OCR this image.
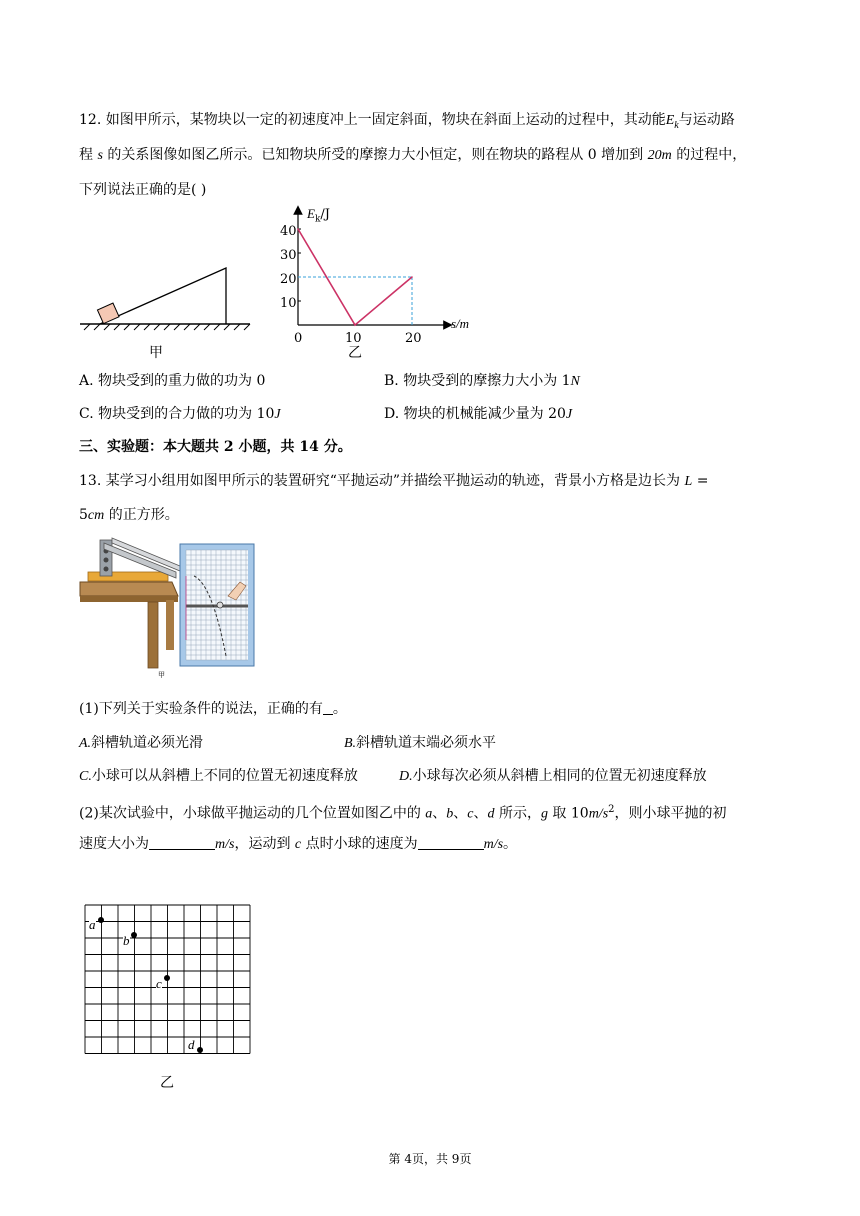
12. 如图甲所示，某物块以一定的初速度冲上一固定斜面，物块在斜面上运动的过程中，其动能$E_k$与运动路
程 s 的关系图像如图乙所示。已知物块所受的摩擦力大小恒定，则在物块的路程从 0 增加到 20m 的过程中，
下列说法正确的是( )
甲
$E_k/J$
s/m
40
30
20
10
0	10	20
乙
A. 物块受到的重力做的功为 0	B. 物块受到的摩擦力大小为 1N
C. 物块受到的合力做的功为 10J	D. 物块的机械能减少量为 20J
三、实验题：本大题共 2 小题，共 14 分。
13. 某学习小组用如图甲所示的装置研究“平抛运动”并描绘平抛运动的轨迹，背景小方格是边长为 L =
5cm 的正方形。
甲
(1)下列关于实验条件的说法，正确的有 。
A.斜槽轨道必须光滑	B.斜槽轨道末端必须水平
C.小球可以从斜槽上不同的位置无初速度释放	D.小球每次必须从斜槽上相同的位置无初速度释放
(2)某次试验中，小球做平抛运动的几个位置如图乙中的 a、b、c、d 所示，g 取 $10m/s^2$，则小球平抛的初
速度大小为	m/s，运动到 c 点时小球的速度为	m/s。
a
b
c
d
乙
第 4页，共 9页
